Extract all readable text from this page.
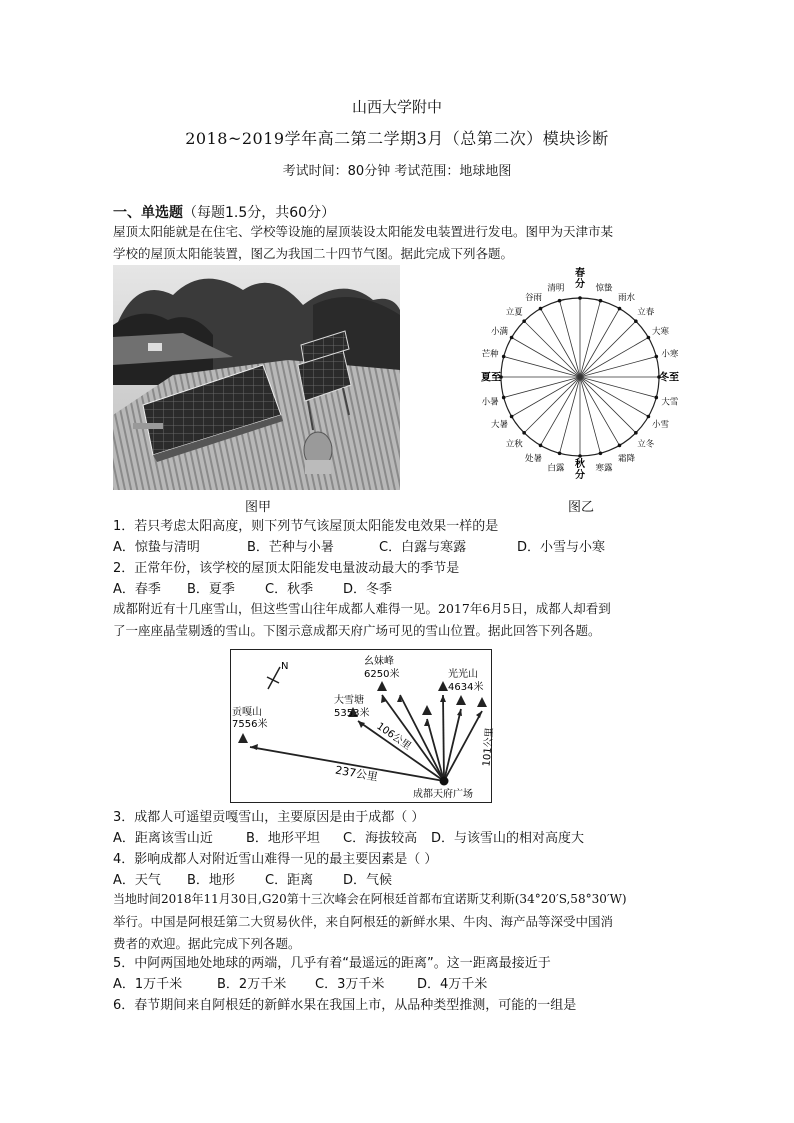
山西大学附中
2018~2019学年高二第二学期3月（总第二次）模块诊断
考试时间：80分钟 考试范围：地球地图
一、单选题（每题1.5分，共60分）
屋顶太阳能就是在住宅、学校等设施的屋顶装设太阳能发电装置进行发电。图甲为天津市某
学校的屋顶太阳能装置，图乙为我国二十四节气图。据此完成下列各题。
图甲
春
分 惊蛰
雨水
立春
大寒
小寒
冬至
大雪
小雪
立冬
霜降
寒露
秋
分
白露
处暑
立秋
大暑
小暑
夏至
芒种
小满
立夏
谷雨
清明
图乙
1．若只考虑太阳高度，则下列节气该屋顶太阳能发电效果一样的是
A．惊蛰与清明	B．芒种与小暑	C．白露与寒露	D．小雪与小寒
2．正常年份，该学校的屋顶太阳能发电量波动最大的季节是
A．春季 B．夏季 C．秋季 D．冬季
成都附近有十几座雪山，但这些雪山往年成都人难得一见。2017年6月5日，成都人却看到
了一座座晶莹剔透的雪山。下图示意成都天府广场可见的雪山位置。据此回答下列各题。
N
贡嘎山
7556米
幺妹峰
6250米
大雪塘
5353米
光光山
4634米
237公里
106公里	101公里
成都天府广场
3．成都人可遥望贡嘎雪山，主要原因是由于成都（ ）
A．距离该雪山近	B．地形平坦 C．海拔较高 D．与该雪山的相对高度大
4．影响成都人对附近雪山难得一见的最主要因素是（ ）
A．天气 B．地形 C．距离 D．气候
当地时间2018年11月30日,G20第十三次峰会在阿根廷首都布宜诺斯艾利斯(34°20′S,58°30′W)
举行。中国是阿根廷第二大贸易伙伴，来自阿根廷的新鲜水果、牛肉、海产品等深受中国消
费者的欢迎。据此完成下列各题。
5．中阿两国地处地球的两端，几乎有着“最遥远的距离”。这一距离最接近于
A．1万千米	B．2万千米 C．3万千米	D．4万千米
6．春节期间来自阿根廷的新鲜水果在我国上市，从品种类型推测，可能的一组是
